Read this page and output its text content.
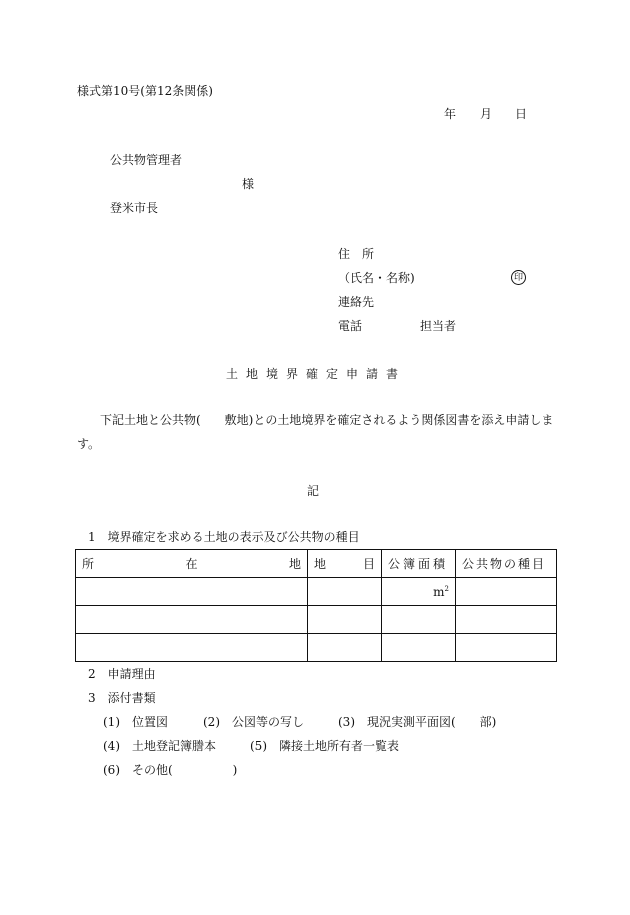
様式第10号(第12条関係)
年 月 日
公共物管理者
様
登米市長
住　所
（氏名・名称)	印
連絡先
電話	担当者
土地境界確定申請書
下記土地と公共物(　　敷地)との土地境界を確定されるよう関係図書を添え申請しま
す。
記
1　境界確定を求める土地の表示及び公共物の種目
所 在 地	地 目	公簿面積	公共物の種目
		$m^2$	

2　申請理由
3　添付書類
(1)　位置図	(2)　公図等の写し	(3)　現況実測平面図(　　部)
(4)　土地登記簿謄本	(5)　隣接土地所有者一覧表
(6)　その他(　　　　　)
